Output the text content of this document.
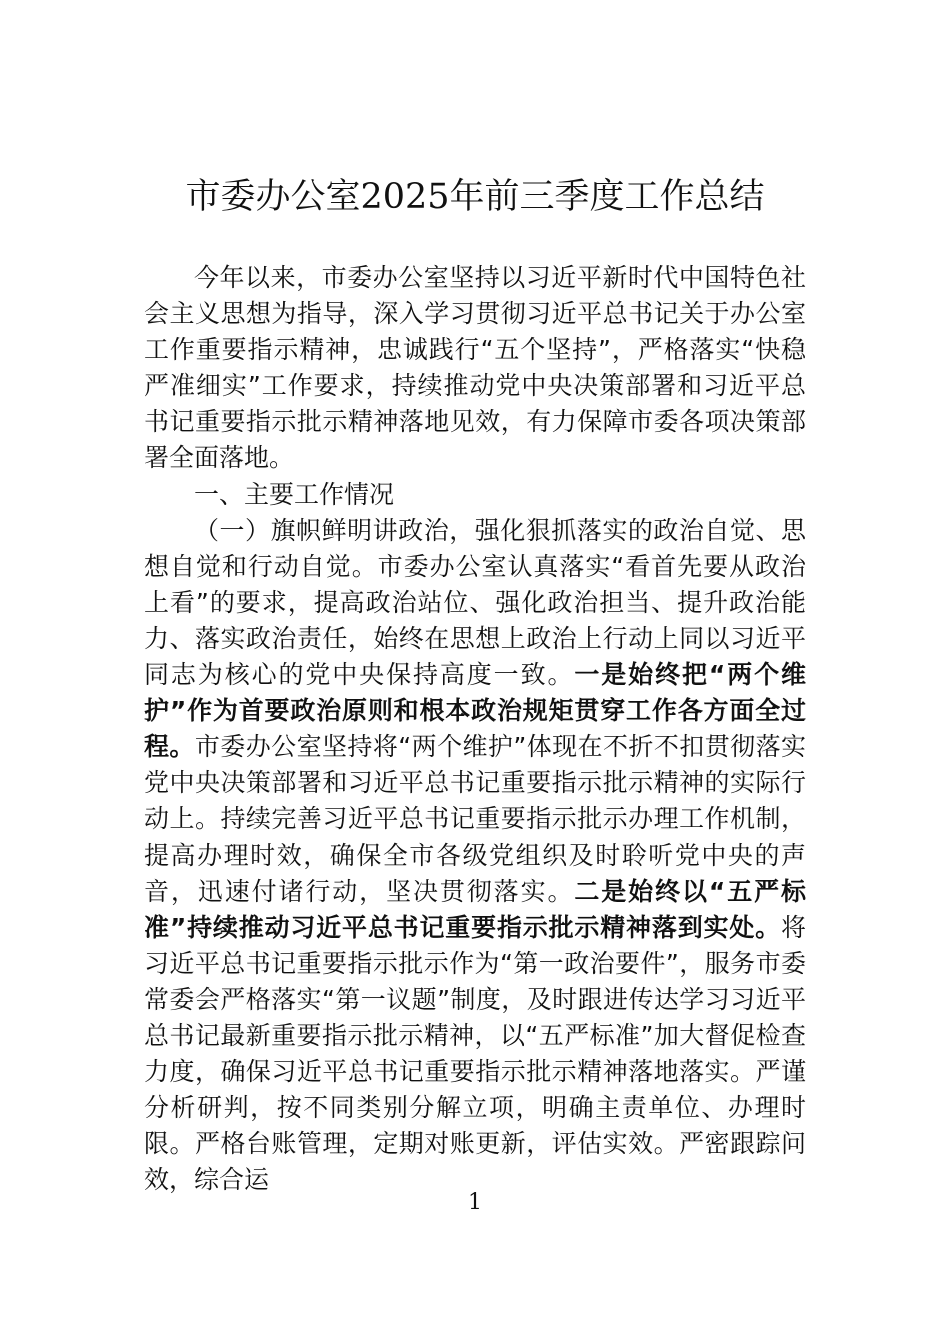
市委办公室2025年前三季度工作总结

今年以来，市委办公室坚持以习近平新时代中国特色社会主义思想为指导，深入学习贯彻习近平总书记关于办公室工作重要指示精神，忠诚践行“五个坚持”，严格落实“快稳严准细实”工作要求，持续推动党中央决策部署和习近平总书记重要指示批示精神落地见效，有力保障市委各项决策部署全面落地。

一、主要工作情况

（一）旗帜鲜明讲政治，强化狠抓落实的政治自觉、思想自觉和行动自觉。市委办公室认真落实“看首先要从政治上看”的要求，提高政治站位、强化政治担当、提升政治能力、落实政治责任，始终在思想上政治上行动上同以习近平同志为核心的党中央保持高度一致。一是始终把“两个维护”作为首要政治原则和根本政治规矩贯穿工作各方面全过程。市委办公室坚持将“两个维护”体现在不折不扣贯彻落实党中央决策部署和习近平总书记重要指示批示精神的实际行动上。持续完善习近平总书记重要指示批示办理工作机制，提高办理时效，确保全市各级党组织及时聆听党中央的声音，迅速付诸行动，坚决贯彻落实。二是始终以“五严标准”持续推动习近平总书记重要指示批示精神落到实处。将习近平总书记重要指示批示作为“第一政治要件”，服务市委常委会严格落实“第一议题”制度，及时跟进传达学习习近平总书记最新重要指示批示精神，以“五严标准”加大督促检查力度，确保习近平总书记重要指示批示精神落地落实。严谨分析研判，按不同类别分解立项，明确主责单位、办理时限。严格台账管理，定期对账更新，评估实效。严密跟踪问效，综合运

1
